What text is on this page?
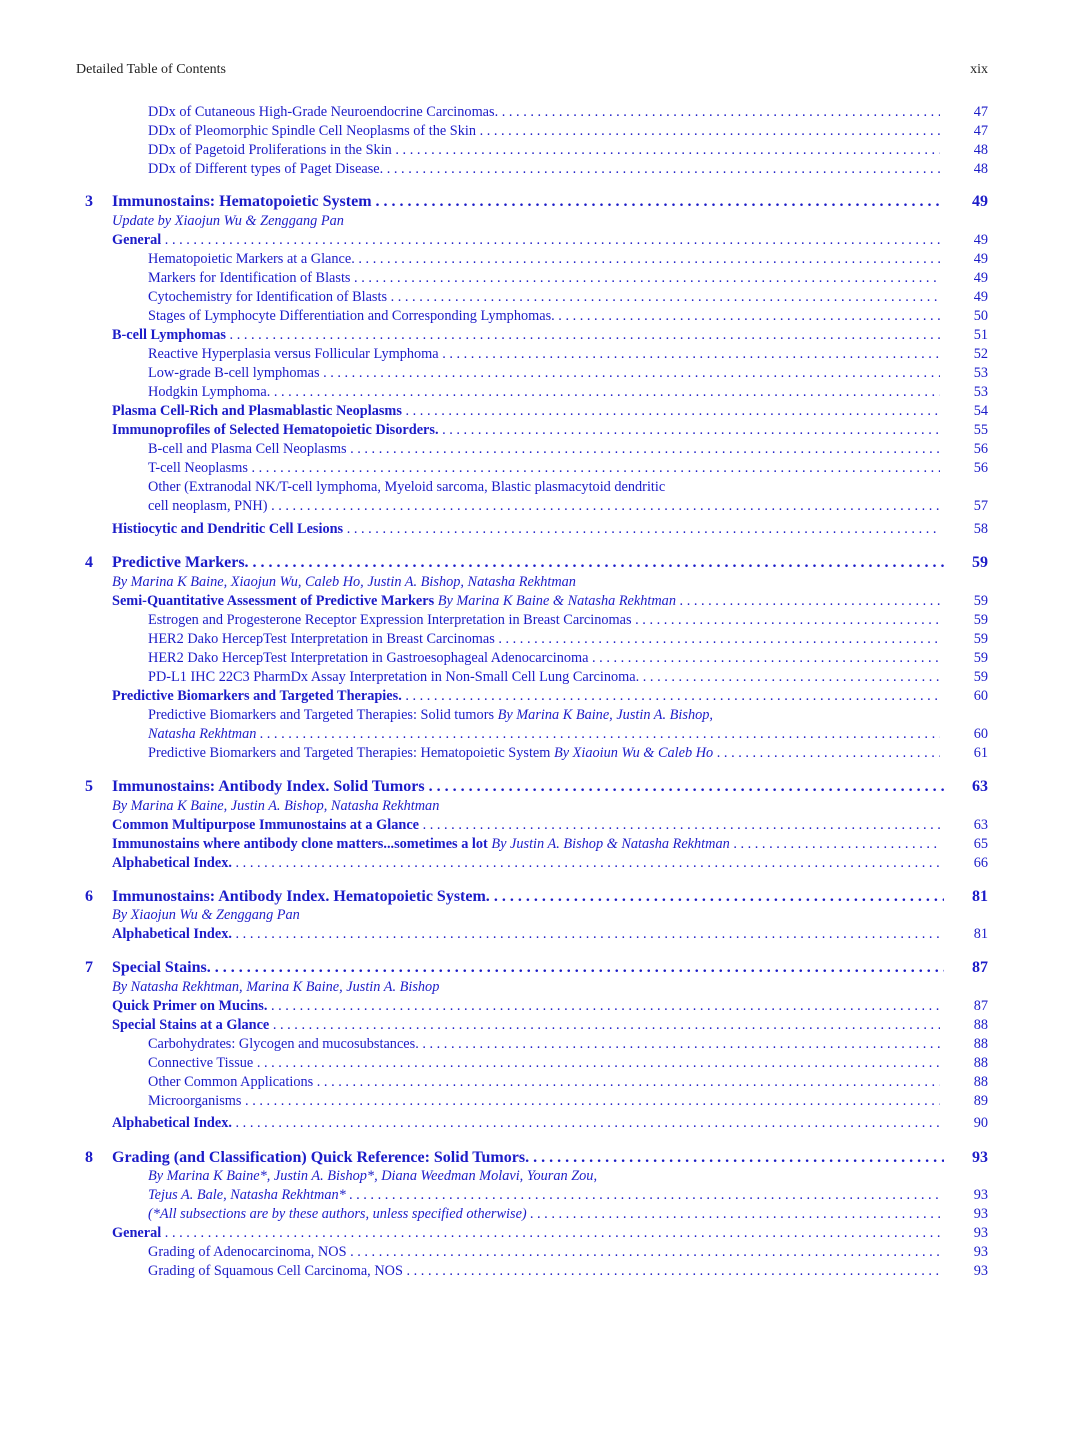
Detailed Table of Contents	xix
DDx of Cutaneous High-Grade Neuroendocrine Carcinomas. . . .	47
DDx of Pleomorphic Spindle Cell Neoplasms of the Skin . . .	47
DDx of Pagetoid Proliferations in the Skin . . .	48
DDx of Different types of Paget Disease. . . .	48
3 Immunostains: Hematopoietic System . . .	49
Update by Xiaojun Wu & Zenggang Pan
General . . .	49
Hematopoietic Markers at a Glance. . . .	49
Markers for Identification of Blasts . . .	49
Cytochemistry for Identification of Blasts . . .	49
Stages of Lymphocyte Differentiation and Corresponding Lymphomas. . . .	50
B-cell Lymphomas . . .	51
Reactive Hyperplasia versus Follicular Lymphoma . . .	52
Low-grade B-cell lymphomas . . .	53
Hodgkin Lymphoma. . . .	53
Plasma Cell-Rich and Plasmablastic Neoplasms . . .	54
Immunoprofiles of Selected Hematopoietic Disorders. . . .	55
B-cell and Plasma Cell Neoplasms . . .	56
T-cell Neoplasms . . .	56
Other (Extranodal NK/T-cell lymphoma, Myeloid sarcoma, Blastic plasmacytoid dendritic
cell neoplasm, PNH) . . .	57
Histiocytic and Dendritic Cell Lesions . . .	58
4 Predictive Markers. . . .	59
By Marina K Baine, Xiaojun Wu, Caleb Ho, Justin A. Bishop, Natasha Rekhtman
Semi-Quantitative Assessment of Predictive Markers By Marina K Baine & Natasha Rekhtman . . .	59
Estrogen and Progesterone Receptor Expression Interpretation in Breast Carcinomas . . .	59
HER2 Dako HercepTest Interpretation in Breast Carcinomas . . .	59
HER2 Dako HercepTest Interpretation in Gastroesophageal Adenocarcinoma . . .	59
PD-L1 IHC 22C3 PharmDx Assay Interpretation in Non-Small Cell Lung Carcinoma. . . .	59
Predictive Biomarkers and Targeted Therapies. . . .	60
Predictive Biomarkers and Targeted Therapies: Solid tumors By Marina K Baine, Justin A. Bishop,
Natasha Rekhtman . . .	60
Predictive Biomarkers and Targeted Therapies: Hematopoietic System By Xiaoiun Wu & Caleb Ho . . .	61
5 Immunostains: Antibody Index. Solid Tumors . . .	63
By Marina K Baine, Justin A. Bishop, Natasha Rekhtman
Common Multipurpose Immunostains at a Glance . . .	63
Immunostains where antibody clone matters...sometimes a lot By Justin A. Bishop & Natasha Rekhtman . . .	65
Alphabetical Index. . . .	66
6 Immunostains: Antibody Index. Hematopoietic System. . . .	81
By Xiaojun Wu & Zenggang Pan
Alphabetical Index. . . .	81
7 Special Stains. . . .	87
By Natasha Rekhtman, Marina K Baine, Justin A. Bishop
Quick Primer on Mucins. . . .	87
Special Stains at a Glance . . .	88
Carbohydrates: Glycogen and mucosubstances. . . .	88
Connective Tissue . . .	88
Other Common Applications . . .	88
Microorganisms . . .	89
Alphabetical Index. . . .	90
8 Grading (and Classification) Quick Reference: Solid Tumors. . . .	93
By Marina K Baine*, Justin A. Bishop*, Diana Weedman Molavi, Youran Zou,
Tejus A. Bale, Natasha Rekhtman* . . .	93
(*All subsections are by these authors, unless specified otherwise) . . .	93
General . . .	93
Grading of Adenocarcinoma, NOS . . .	93
Grading of Squamous Cell Carcinoma, NOS . . .	93
